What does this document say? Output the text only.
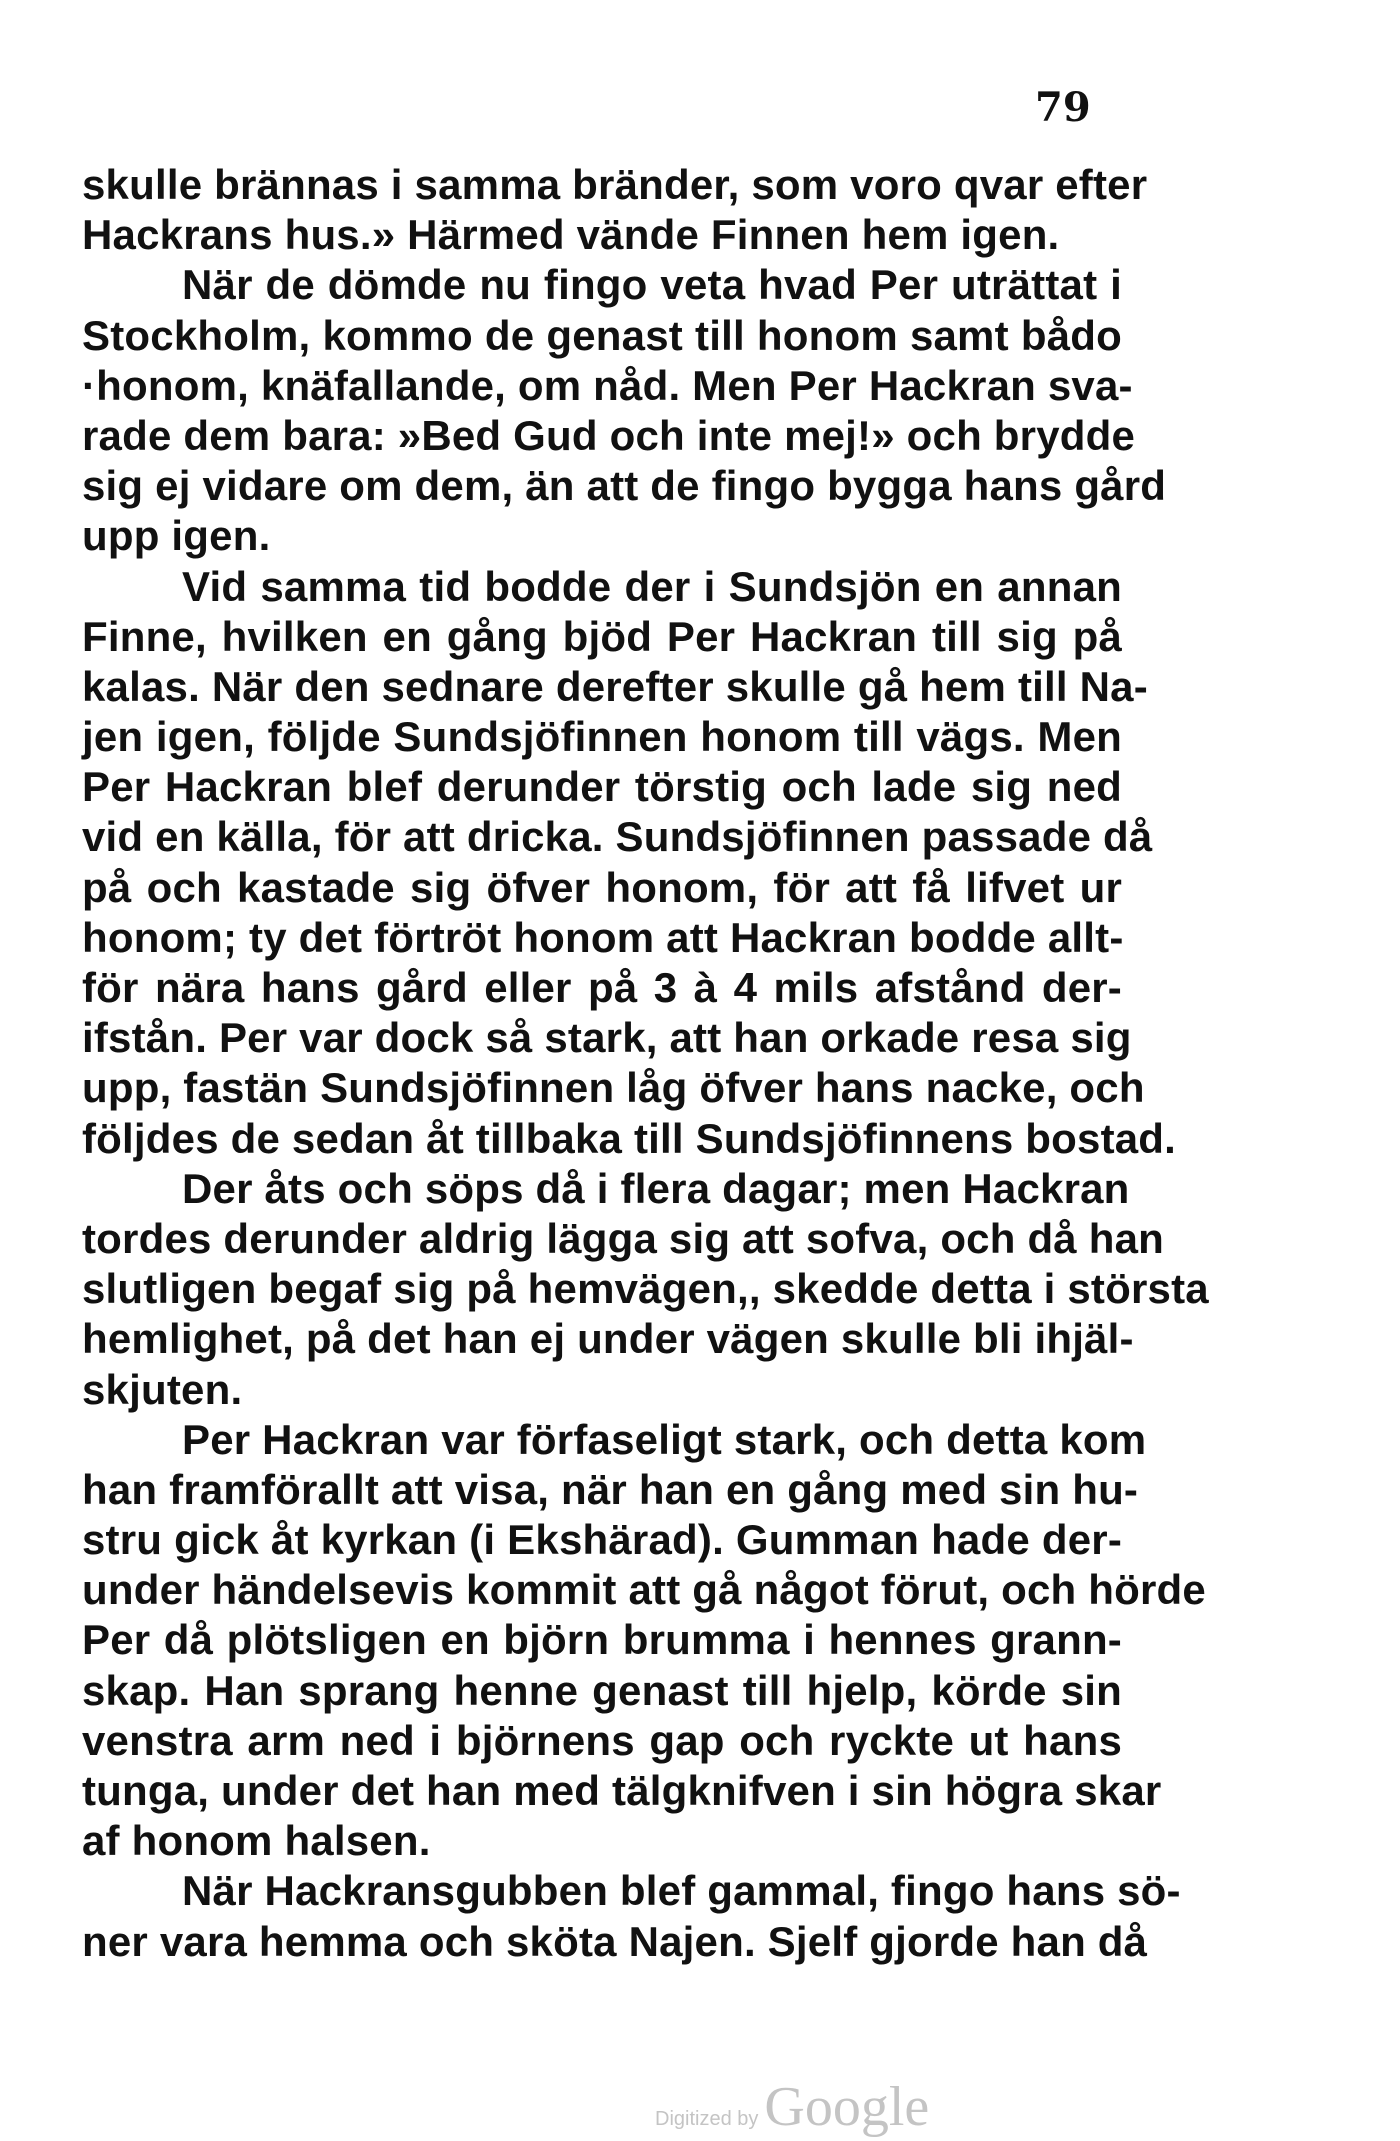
79
skulle brännas i samma bränder, som voro qvar efter
Hackrans hus.» Härmed vände Finnen hem igen.
När de dömde nu fingo veta hvad Per uträttat i
Stockholm, kommo de genast till honom samt bådo
·honom, knäfallande, om nåd. Men Per Hackran sva-
rade dem bara: »Bed Gud och inte mej!» och brydde
sig ej vidare om dem, än att de fingo bygga hans gård
upp igen.
Vid samma tid bodde der i Sundsjön en annan
Finne, hvilken en gång bjöd Per Hackran till sig på
kalas. När den sednare derefter skulle gå hem till Na-
jen igen, följde Sundsjöfinnen honom till vägs. Men
Per Hackran blef derunder törstig och lade sig ned
vid en källa, för att dricka. Sundsjöfinnen passade då
på och kastade sig öfver honom, för att få lifvet ur
honom; ty det förtröt honom att Hackran bodde allt-
för nära hans gård eller på 3 à 4 mils afstånd der-
ifstån. Per var dock så stark, att han orkade resa sig
upp, fastän Sundsjöfinnen låg öfver hans nacke, och
följdes de sedan åt tillbaka till Sundsjöfinnens bostad.
Der åts och söps då i flera dagar; men Hackran
tordes derunder aldrig lägga sig att sofva, och då han
slutligen begaf sig på hemvägen,, skedde detta i största
hemlighet, på det han ej under vägen skulle bli ihjäl-
skjuten.
Per Hackran var förfaseligt stark, och detta kom
han framförallt att visa, när han en gång med sin hu-
stru gick åt kyrkan (i Ekshärad). Gumman hade der-
under händelsevis kommit att gå något förut, och hörde
Per då plötsligen en björn brumma i hennes grann-
skap. Han sprang henne genast till hjelp, körde sin
venstra arm ned i björnens gap och ryckte ut hans
tunga, under det han med tälgknifven i sin högra skar
af honom halsen.
När Hackransgubben blef gammal, fingo hans sö-
ner vara hemma och sköta Najen. Sjelf gjorde han då
Digitized by Google
